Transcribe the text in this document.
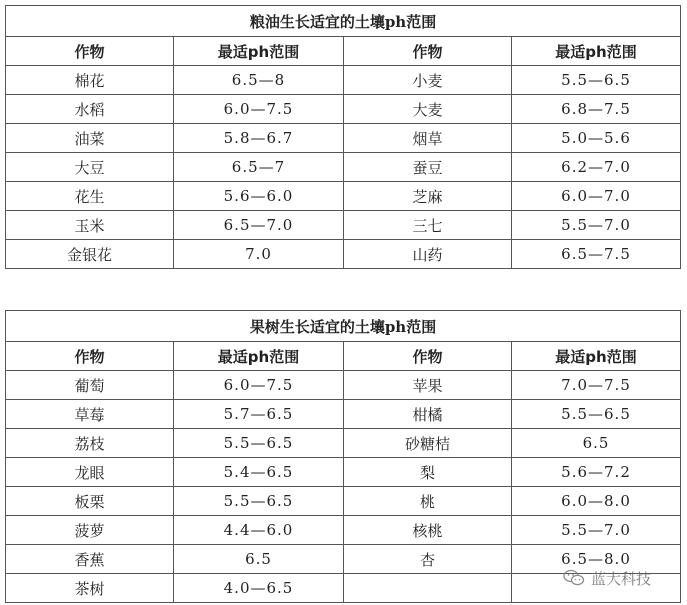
粮油生长适宜的土壤ph范围			
作物	最适ph范围	作物	最适ph范围
棉花	6.5—8	小麦	5.5—6.5
水稻	6.0—7.5	大麦	6.8—7.5
油菜	5.8—6.7	烟草	5.0—5.6
大豆	6.5—7	蚕豆	6.2—7.0
花生	5.6—6.0	芝麻	6.0—7.0
玉米	6.5—7.0	三七	5.5—7.0
金银花	7.0	山药	6.5—7.5
果树生长适宜的土壤ph范围			
作物	最适ph范围	作物	最适ph范围
葡萄	6.0—7.5	苹果	7.0—7.5
草莓	5.7—6.5	柑橘	5.5—6.5
荔枝	5.5—6.5	砂糖桔	6.5
龙眼	5.4—6.5	梨	5.6—7.2
板栗	5.5—6.5	桃	6.0—8.0
菠萝	4.4—6.0	核桃	5.5—7.0
香蕉	6.5	杏	6.5—8.0
茶树	4.0—6.5		
蓝大科技
